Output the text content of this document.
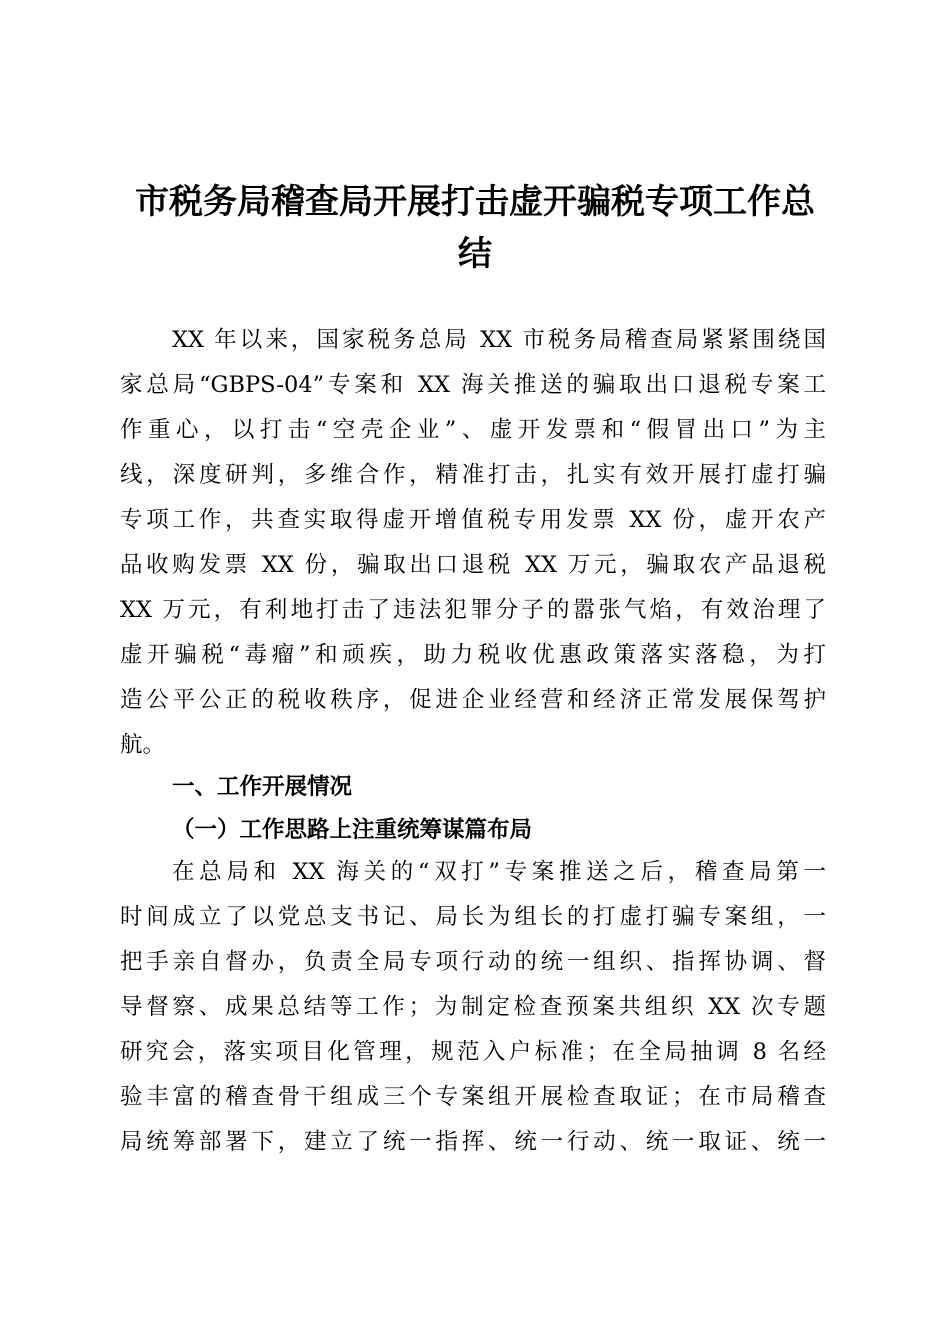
市税务局稽查局开展打击虚开骗税专项工作总
结
XX 年以来，国家税务总局 XX 市税务局稽查局紧紧围绕国
家总局“GBPS-04”专案和 XX 海关推送的骗取出口退税专案工
作重心，以打击“空壳企业”、虚开发票和“假冒出口”为主
线，深度研判，多维合作，精准打击，扎实有效开展打虚打骗
专项工作，共查实取得虚开增值税专用发票 XX 份，虚开农产
品收购发票 XX 份，骗取出口退税 XX 万元，骗取农产品退税
XX 万元，有利地打击了违法犯罪分子的嚣张气焰，有效治理了
虚开骗税“毒瘤”和顽疾，助力税收优惠政策落实落稳，为打
造公平公正的税收秩序，促进企业经营和经济正常发展保驾护
航。
一、工作开展情况
（一）工作思路上注重统筹谋篇布局
在总局和 XX 海关的“双打”专案推送之后，稽查局第一
时间成立了以党总支书记、局长为组长的打虚打骗专案组，一
把手亲自督办，负责全局专项行动的统一组织、指挥协调、督
导督察、成果总结等工作；为制定检查预案共组织 XX 次专题
研究会，落实项目化管理，规范入户标准；在全局抽调 8 名经
验丰富的稽查骨干组成三个专案组开展检查取证；在市局稽查
局统筹部署下，建立了统一指挥、统一行动、统一取证、统一
